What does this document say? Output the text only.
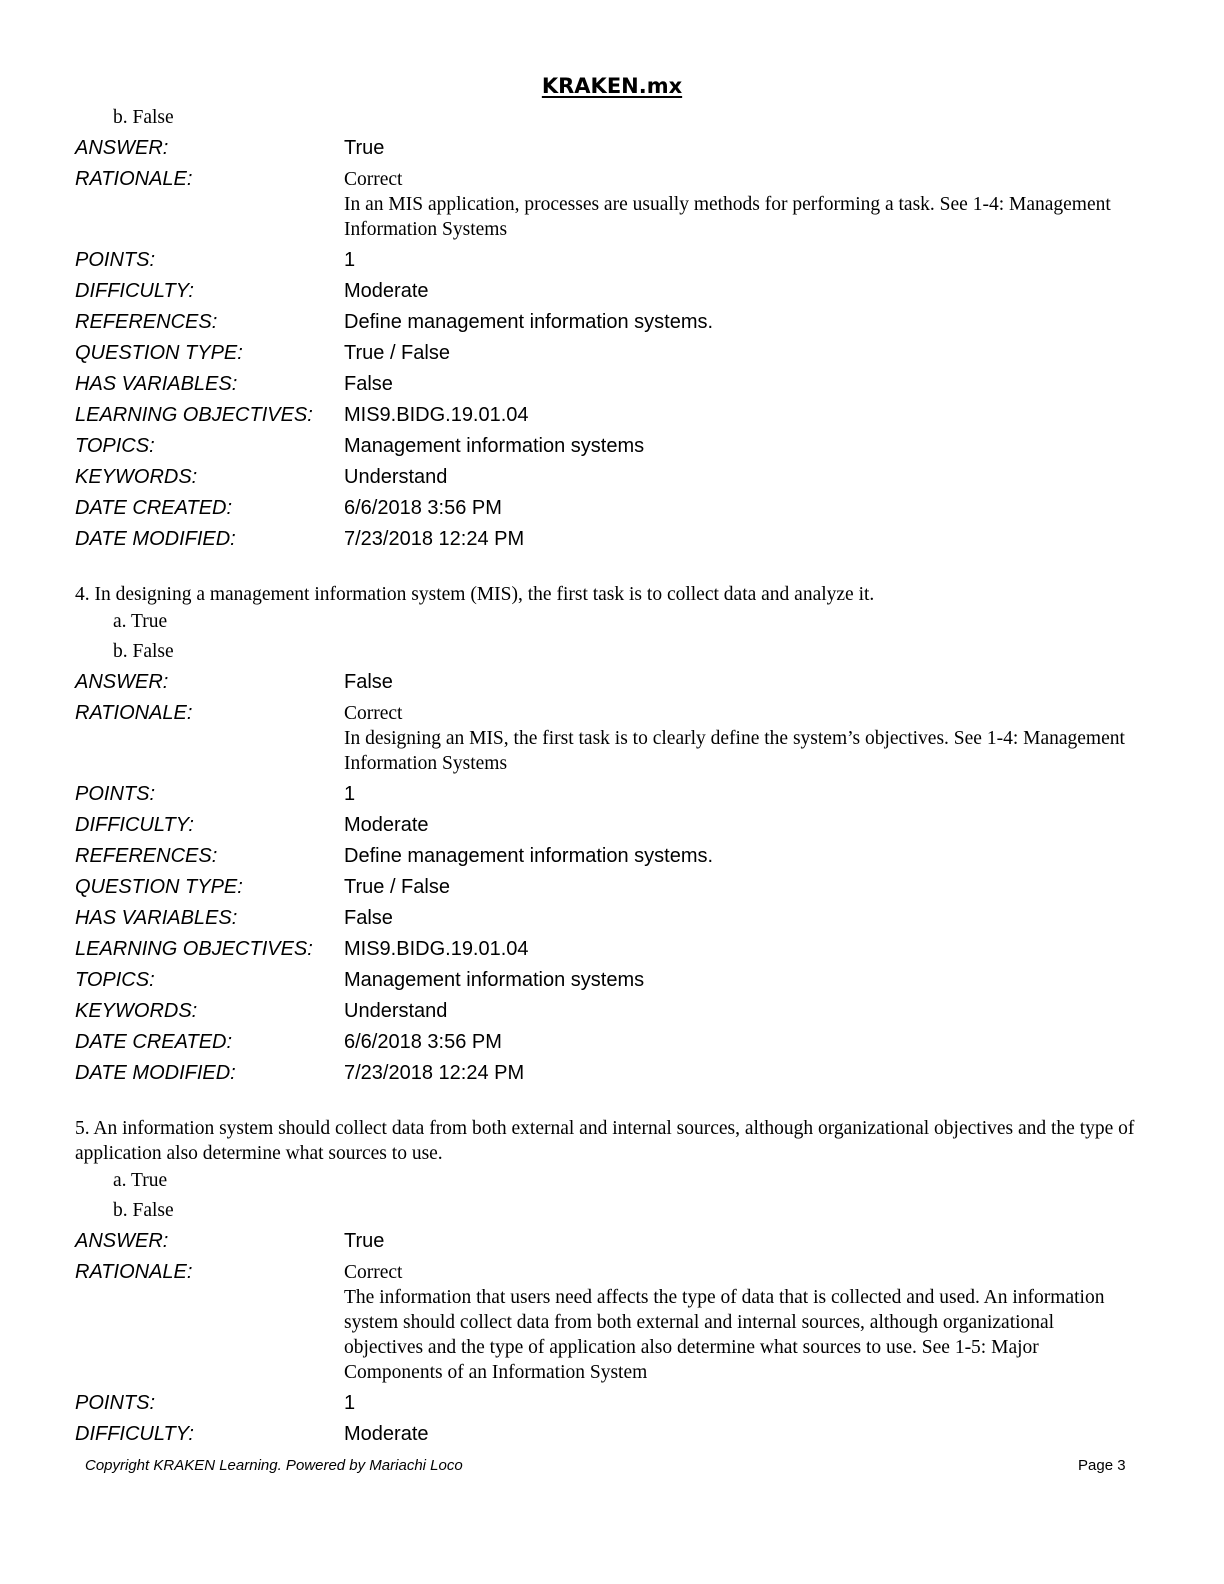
KRAKEN.mx
b. False
ANSWER:	True
RATIONALE:	Correct
In an MIS application, processes are usually methods for performing a task. See 1-4: Management Information Systems
POINTS:	1
DIFFICULTY:	Moderate
REFERENCES:	Define management information systems.
QUESTION TYPE:	True / False
HAS VARIABLES:	False
LEARNING OBJECTIVES:	MIS9.BIDG.19.01.04
TOPICS:	Management information systems
KEYWORDS:	Understand
DATE CREATED:	6/6/2018 3:56 PM
DATE MODIFIED:	7/23/2018 12:24 PM
4. In designing a management information system (MIS), the first task is to collect data and analyze it.
a. True
b. False
ANSWER:	False
RATIONALE:	Correct
In designing an MIS, the first task is to clearly define the system’s objectives. See 1-4: Management Information Systems
POINTS:	1
DIFFICULTY:	Moderate
REFERENCES:	Define management information systems.
QUESTION TYPE:	True / False
HAS VARIABLES:	False
LEARNING OBJECTIVES:	MIS9.BIDG.19.01.04
TOPICS:	Management information systems
KEYWORDS:	Understand
DATE CREATED:	6/6/2018 3:56 PM
DATE MODIFIED:	7/23/2018 12:24 PM
5. An information system should collect data from both external and internal sources, although organizational objectives and the type of application also determine what sources to use.
a. True
b. False
ANSWER:	True
RATIONALE:	Correct
The information that users need affects the type of data that is collected and used. An information system should collect data from both external and internal sources, although organizational objectives and the type of application also determine what sources to use. See 1-5: Major Components of an Information System
POINTS:	1
DIFFICULTY:	Moderate
Copyright KRAKEN Learning. Powered by Mariachi Loco	Page 3
